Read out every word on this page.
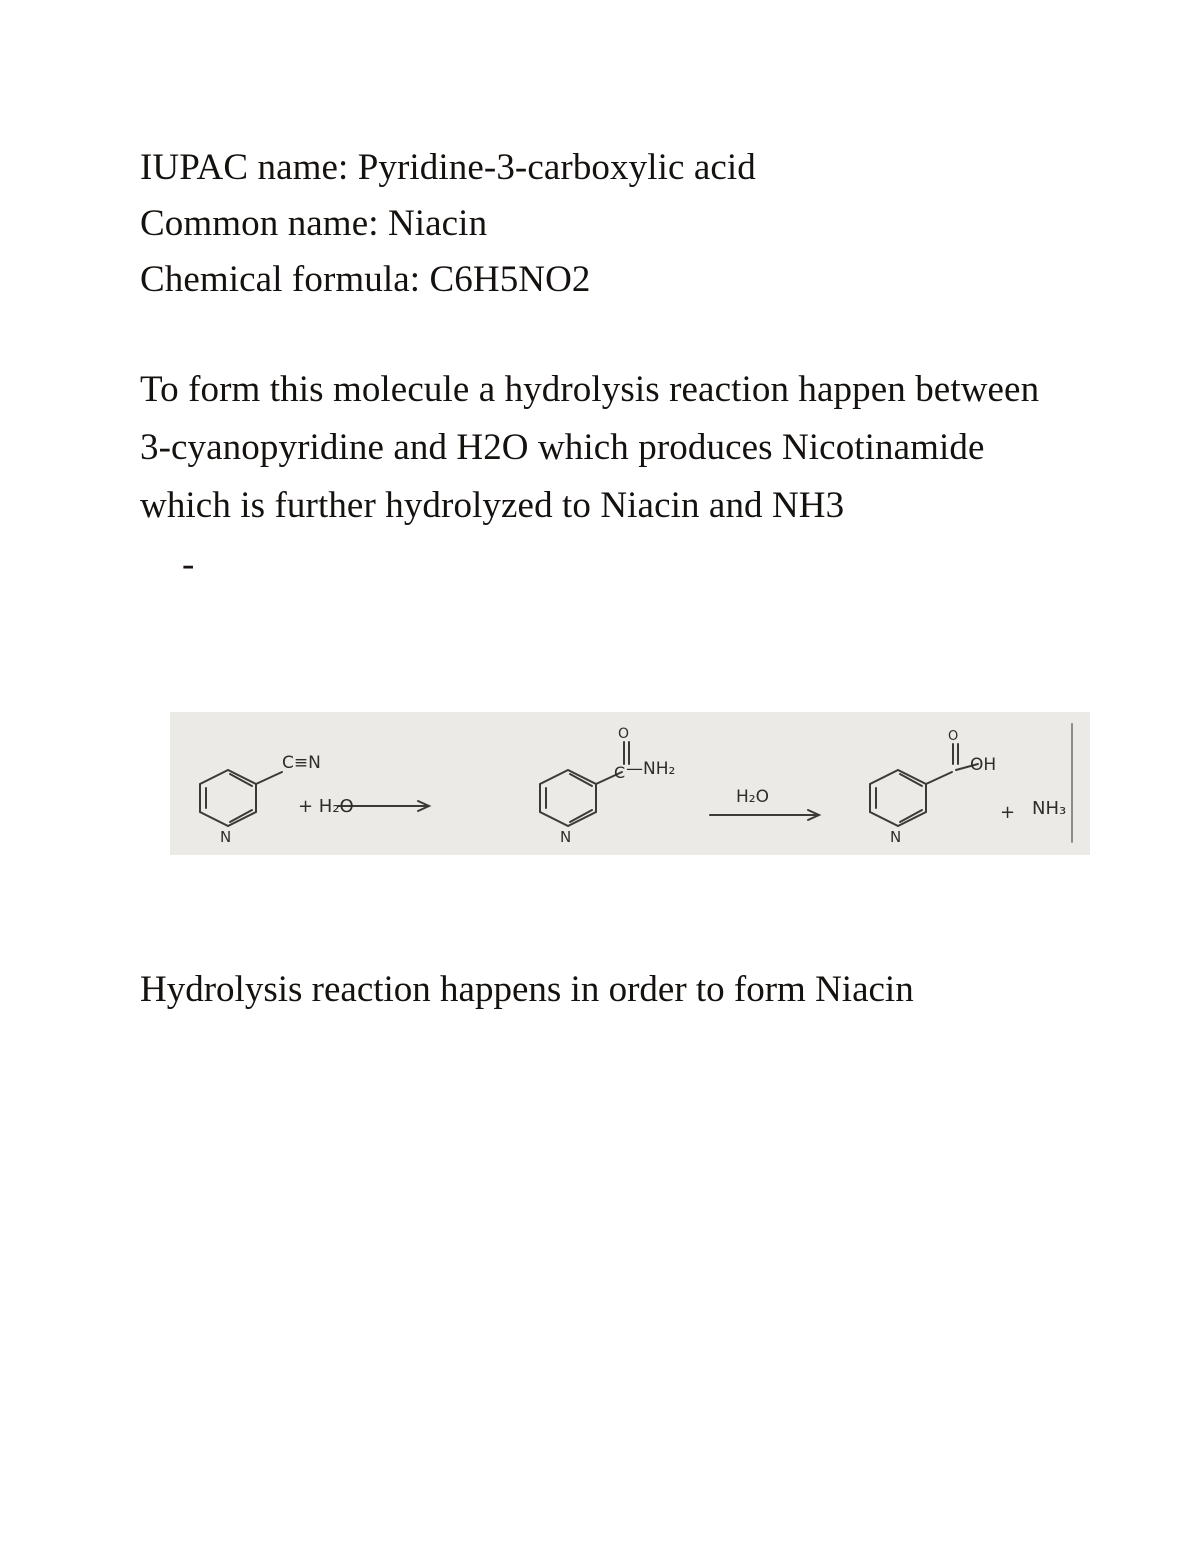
IUPAC name: Pyridine-3-carboxylic acid

Common name: Niacin

Chemical formula: C6H5NO2

To form this molecule a hydrolysis reaction happen between 3-cyanopyridine and H2O which produces Nicotinamide which is further hydrolyzed to Niacin and NH3

-
C≡N
N
+ H₂O
O
C —NH₂
N
H₂O
O
OH
N
+ NH₃

Hydrolysis reaction happens in order to form Niacin
